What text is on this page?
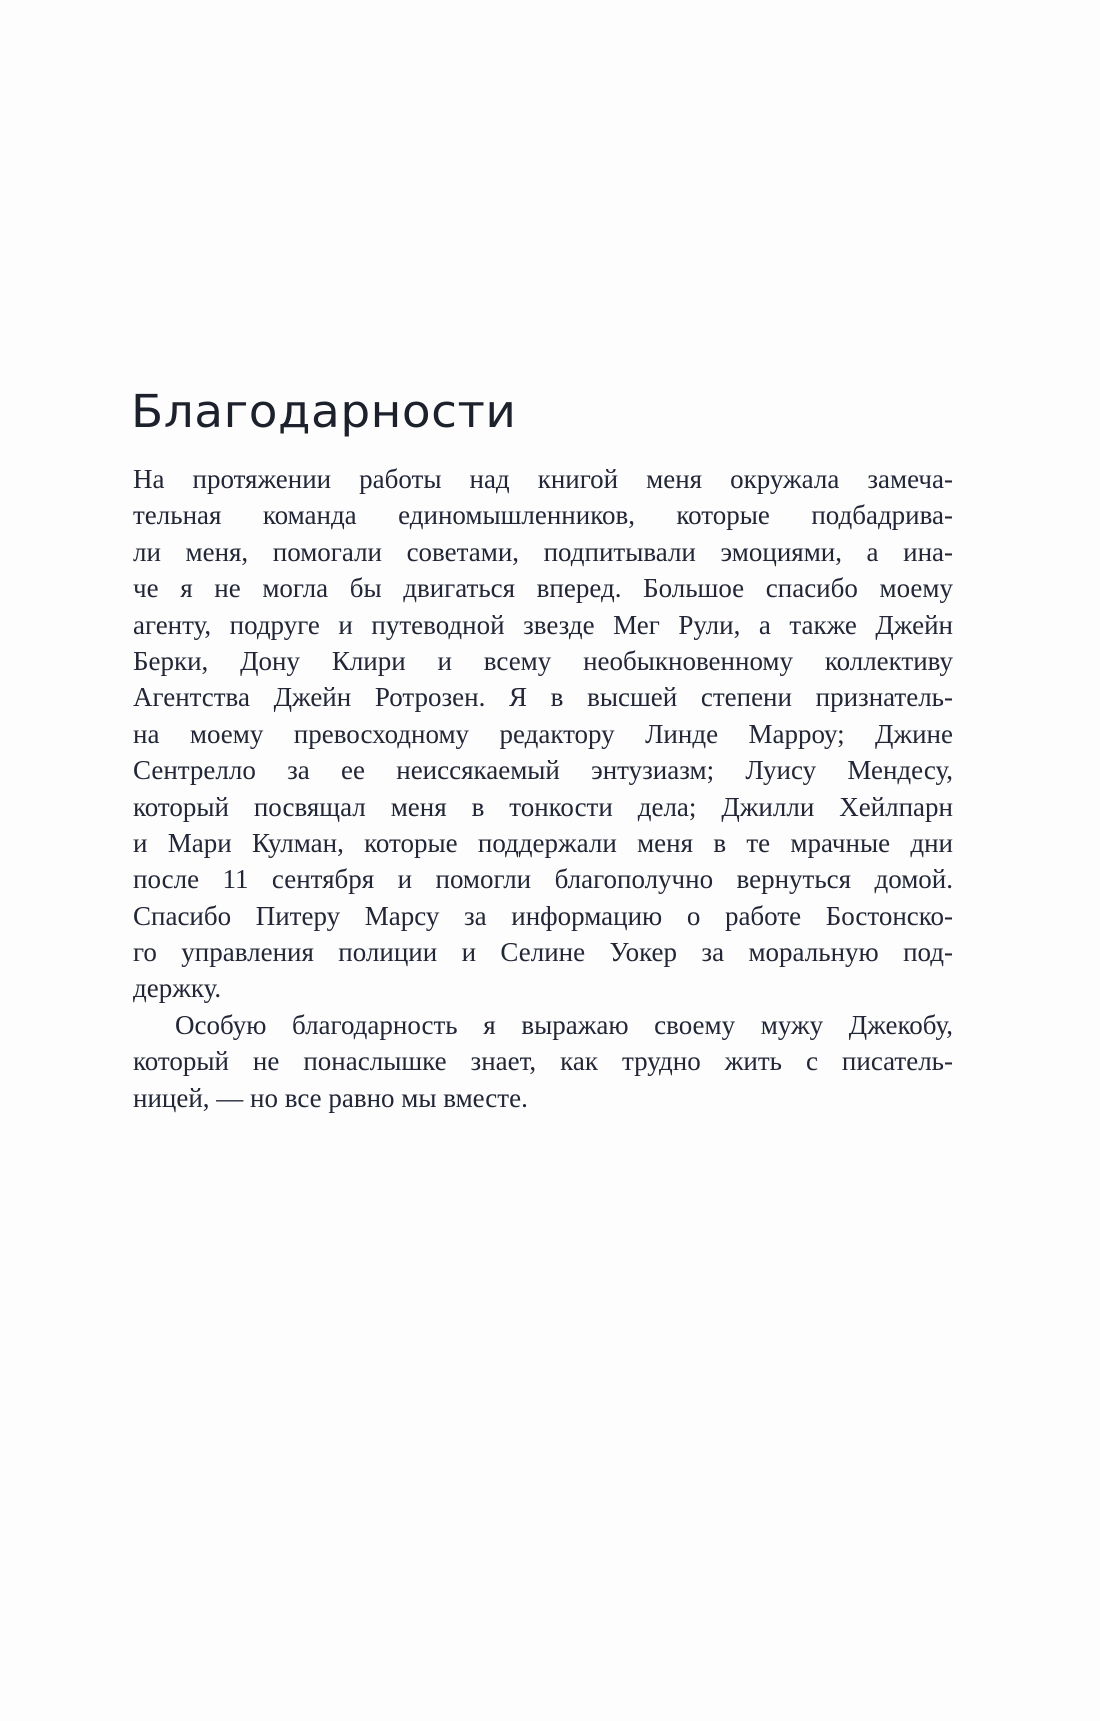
Благодарности
На протяжении работы над книгой меня окружала замеча-
тельная команда единомышленников, которые подбадрива-
ли меня, помогали советами, подпитывали эмоциями, а ина-
че я не могла бы двигаться вперед. Большое спасибо моему
агенту, подруге и путеводной звезде Мег Рули, а также Джейн
Берки, Дону Клири и всему необыкновенному коллективу
Агентства Джейн Ротрозен. Я в высшей степени признатель-
на моему превосходному редактору Линде Марроу; Джине
Сентрелло за ее неиссякаемый энтузиазм; Луису Мендесу,
который посвящал меня в тонкости дела; Джилли Хейлпарн
и Мари Кулман, которые поддержали меня в те мрачные дни
после 11 сентября и помогли благополучно вернуться домой.
Спасибо Питеру Марсу за информацию о работе Бостонско-
го управления полиции и Селине Уокер за моральную под-
держку.
Особую благодарность я выражаю своему мужу Джекобу,
который не понаслышке знает, как трудно жить с писатель-
ницей, — но все равно мы вместе.
